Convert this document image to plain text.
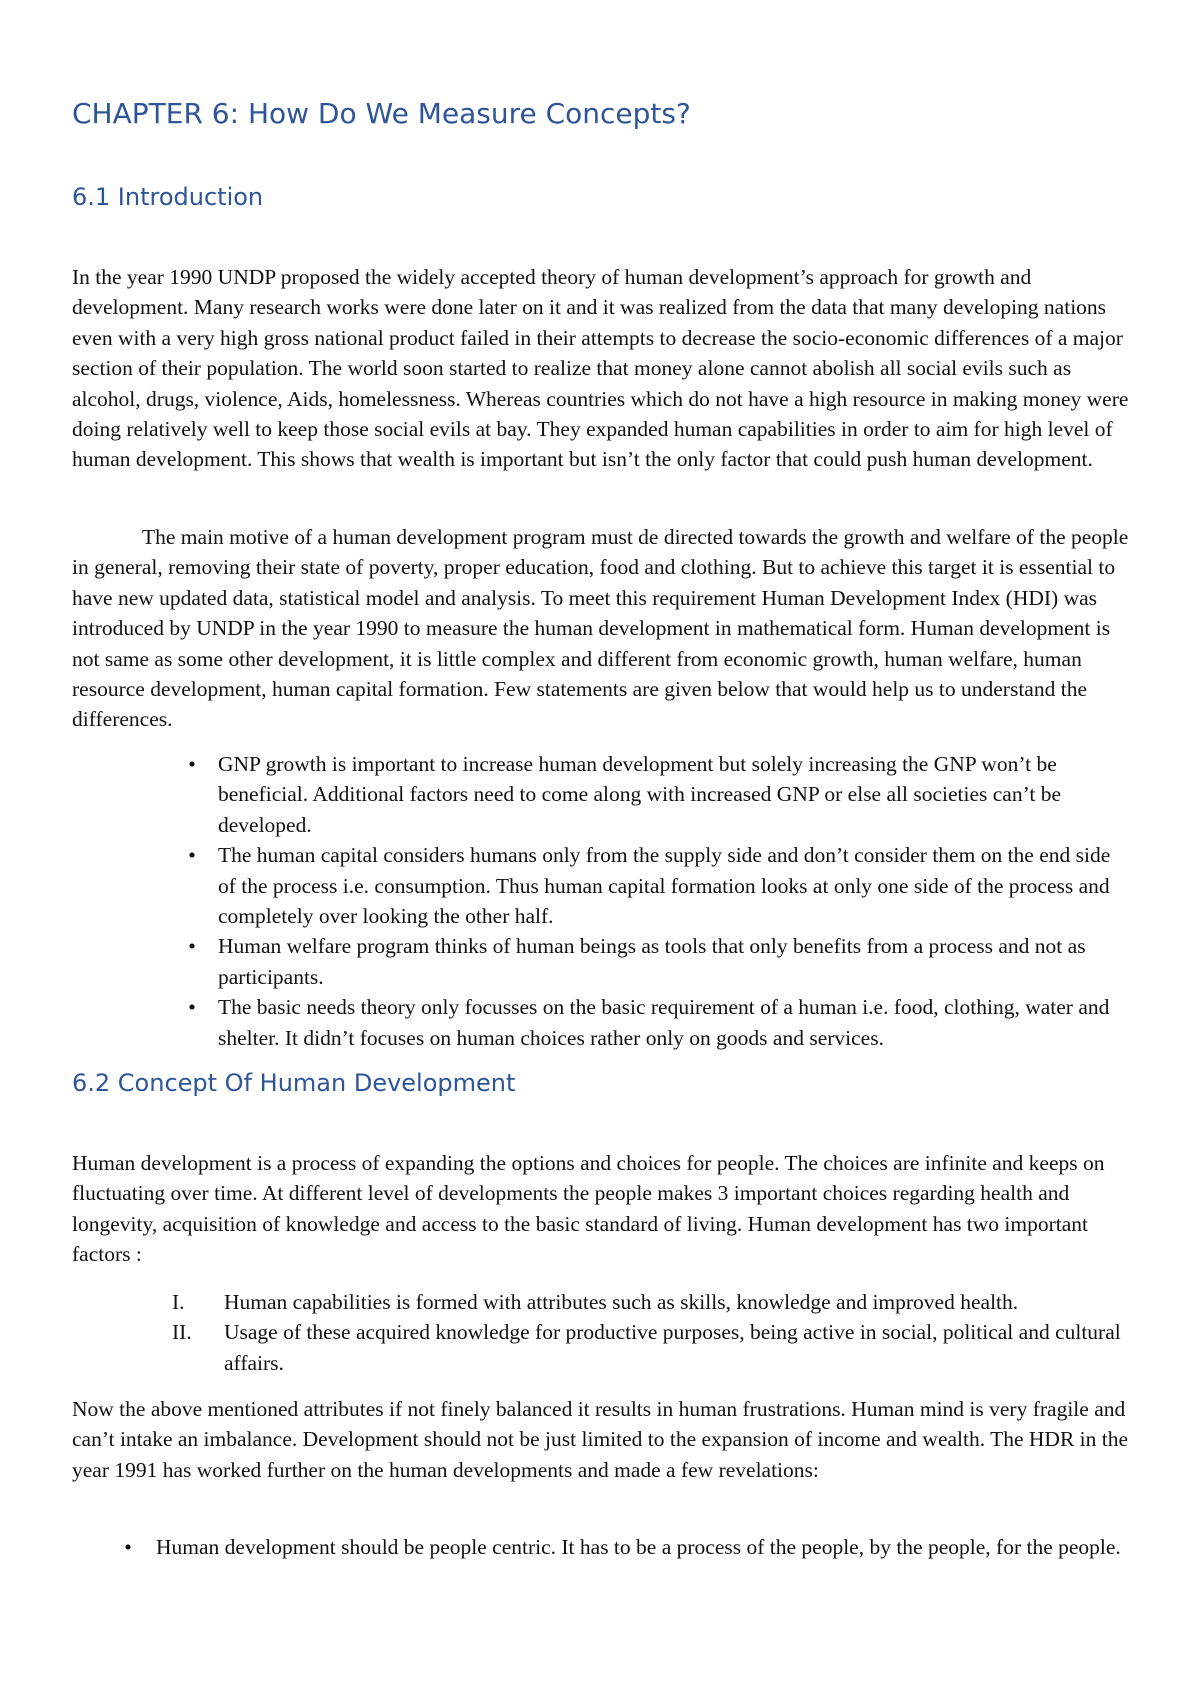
CHAPTER 6: How Do We Measure Concepts?
6.1 Introduction

In the year 1990 UNDP proposed the widely accepted theory of human development’s approach for growth and development. Many research works were done later on it and it was realized from the data that many developing nations even with a very high gross national product failed in their attempts to decrease the socio-economic differences of a major section of their population. The world soon started to realize that money alone cannot abolish all social evils such as alcohol, drugs, violence, Aids, homelessness. Whereas countries which do not have a high resource in making money were doing relatively well to keep those social evils at bay. They expanded human capabilities in order to aim for high level of human development. This shows that wealth is important but isn’t the only factor that could push human development.

The main motive of a human development program must de directed towards the growth and welfare of the people in general, removing their state of poverty, proper education, food and clothing. But to achieve this target it is essential to have new updated data, statistical model and analysis. To meet this requirement Human Development Index (HDI) was introduced by UNDP in the year 1990 to measure the human development in mathematical form. Human development is not same as some other development, it is little complex and different from economic growth, human welfare, human resource development, human capital formation. Few statements are given below that would help us to understand the differences.

• GNP growth is important to increase human development but solely increasing the GNP won’t be beneficial. Additional factors need to come along with increased GNP or else all societies can’t be developed.
• The human capital considers humans only from the supply side and don’t consider them on the end side of the process i.e. consumption. Thus human capital formation looks at only one side of the process and completely over looking the other half.
• Human welfare program thinks of human beings as tools that only benefits from a process and not as participants.
• The basic needs theory only focusses on the basic requirement of a human i.e. food, clothing, water and shelter. It didn’t focuses on human choices rather only on goods and services.
6.2 Concept Of Human Development

Human development is a process of expanding the options and choices for people. The choices are infinite and keeps on fluctuating over time. At different level of developments the people makes 3 important choices regarding health and longevity, acquisition of knowledge and access to the basic standard of living. Human development has two important factors :

I.	Human capabilities is formed with attributes such as skills, knowledge and improved health.
II.	Usage of these acquired knowledge for productive purposes, being active in social, political and cultural affairs.

Now the above mentioned attributes if not finely balanced it results in human frustrations. Human mind is very fragile and can’t intake an imbalance. Development should not be just limited to the expansion of income and wealth. The HDR in the year 1991 has worked further on the human developments and made a few revelations:

• Human development should be people centric. It has to be a process of the people, by the people, for the people.
